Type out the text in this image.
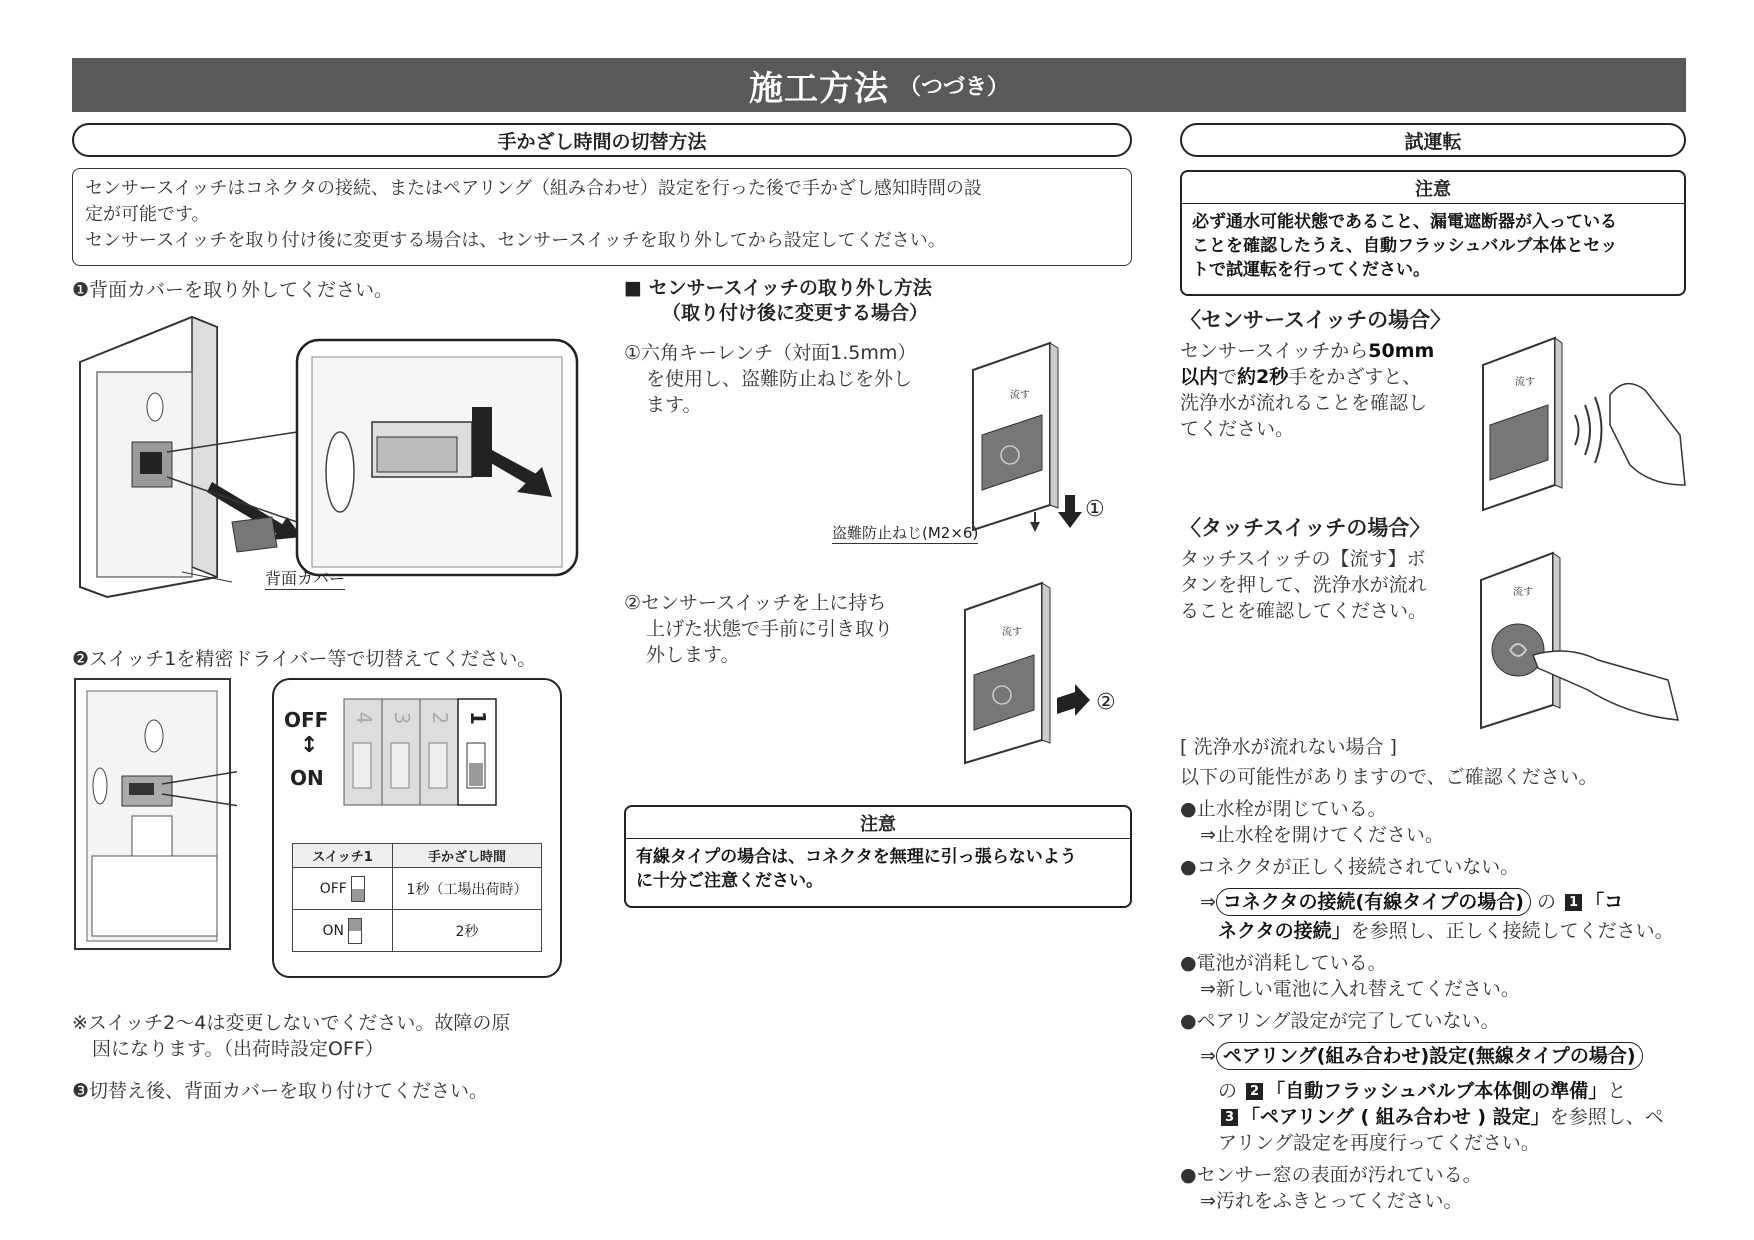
施工方法 （つづき）
手かざし時間の切替方法	試運転
センサースイッチはコネクタの接続、またはペアリング（組み合わせ）設定を行った後で手かざし感知時間の設
定が可能です。
センサースイッチを取り付け後に変更する場合は、センサースイッチを取り外してから設定してください。
❶背面カバーを取り外してください。
背面カバー
❷スイッチ1を精密ドライバー等で切替えてください。
OFF
↕
ON
4 3 2 1
スイッチ1	手かざし時間
OFF	1秒（工場出荷時）
ON	2秒
※スイッチ2～4は変更しないでください。故障の原
因になります。（出荷時設定OFF）
❸切替え後、背面カバーを取り付けてください。
■ センサースイッチの取り外し方法
（取り付け後に変更する場合）
①六角キーレンチ（対面1.5mm）
を使用し、盗難防止ねじを外し
ます。	流す
盗難防止ねじ(M2×6)
①
②センサースイッチを上に持ち
上げた状態で手前に引き取り
外します。
流す
②
注意
有線タイプの場合は、コネクタを無理に引っ張らないよう
に十分ご注意ください。
注意
必ず通水可能状態であること、漏電遮断器が入っている
ことを確認したうえ、自動フラッシュバルブ本体とセッ
トで試運転を行ってください。
〈センサースイッチの場合〉
センサースイッチから50mm
以内で約2秒手をかざすと、
洗浄水が流れることを確認し
てください。
流す
〈タッチスイッチの場合〉
タッチスイッチの【流す】ボ
タンを押して、洗浄水が流れ
ることを確認してください。
流す
[ 洗浄水が流れない場合 ]
以下の可能性がありますので、ご確認ください。
●止水栓が閉じている。
⇒止水栓を開けてください。
●コネクタが正しく接続されていない。
⇒ コネクタの接続(有線タイプの場合) の 1 「コ
ネクタの接続」を参照し、正しく接続してください。
●電池が消耗している。
⇒新しい電池に入れ替えてください。
●ペアリング設定が完了していない。
⇒ ペアリング(組み合わせ)設定(無線タイプの場合)
の 2 「自動フラッシュバルブ本体側の準備」と
3 「ペアリング ( 組み合わせ ) 設定」を参照し、ペ
アリング設定を再度行ってください。
●センサー窓の表面が汚れている。
⇒汚れをふきとってください。
